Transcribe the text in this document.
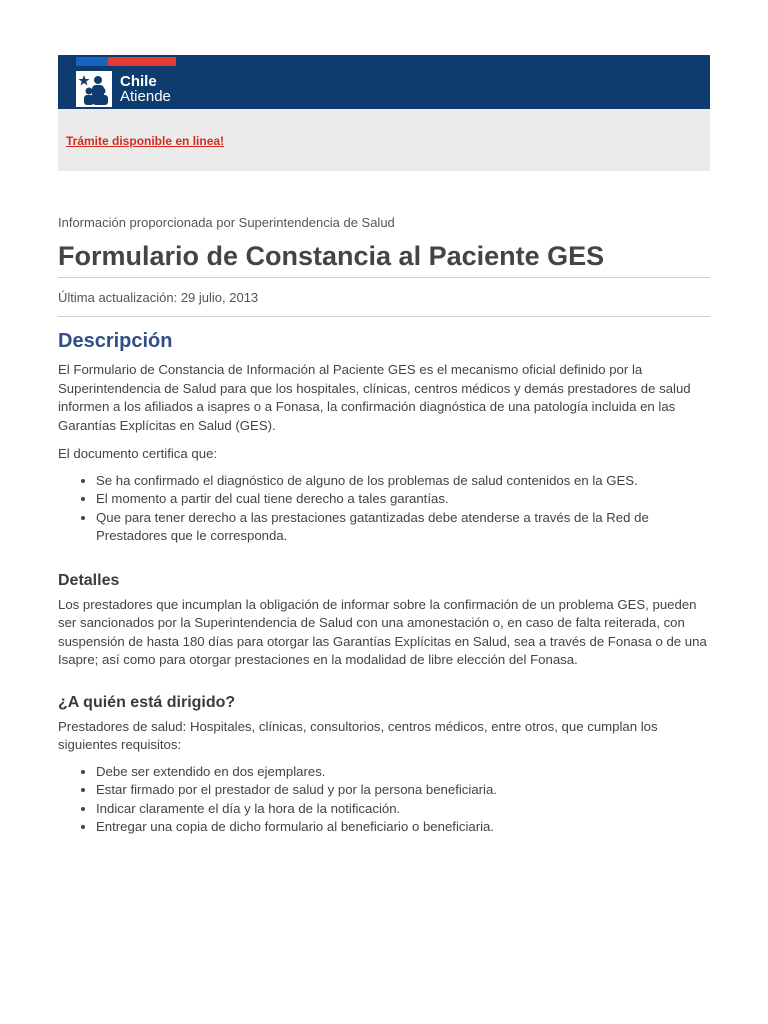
Chile
Atiende
Trámite disponible en linea!
Información proporcionada por Superintendencia de Salud
Formulario de Constancia al Paciente GES
Última actualización: 29 julio, 2013
Descripción

El Formulario de Constancia de Información al Paciente GES es el mecanismo oficial definido por la Superintendencia de Salud para que los hospitales, clínicas, centros médicos y demás prestadores de salud informen a los afiliados a isapres o a Fonasa, la confirmación diagnóstica de una patología incluida en las Garantías Explícitas en Salud (GES).

El documento certifica que:

• Se ha confirmado el diagnóstico de alguno de los problemas de salud contenidos en la GES.
• El momento a partir del cual tiene derecho a tales garantías.
• Que para tener derecho a las prestaciones gatantizadas debe atenderse a través de la Red de Prestadores que le corresponda.
Detalles

Los prestadores que incumplan la obligación de informar sobre la confirmación de un problema GES, pueden ser sancionados por la Superintendencia de Salud con una amonestación o, en caso de falta reiterada, con suspensión de hasta 180 días para otorgar las Garantías Explícitas en Salud, sea a través de Fonasa o de una Isapre; así como para otorgar prestaciones en la modalidad de libre elección del Fonasa.

¿A quién está dirigido?

Prestadores de salud: Hospitales, clínicas, consultorios, centros médicos, entre otros, que cumplan los siguientes requisitos:

• Debe ser extendido en dos ejemplares.
• Estar firmado por el prestador de salud y por la persona beneficiaria.
• Indicar claramente el día y la hora de la notificación.
• Entregar una copia de dicho formulario al beneficiario o beneficiaria.
